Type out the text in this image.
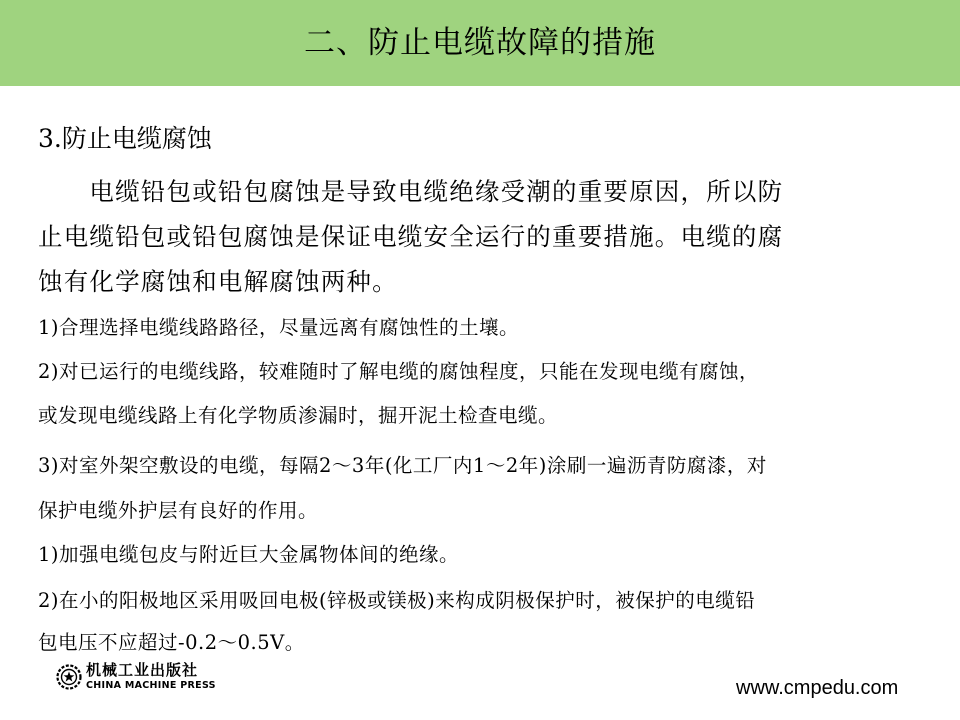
二、防止电缆故障的措施
3.防止电缆腐蚀
　　电缆铅包或铅包腐蚀是导致电缆绝缘受潮的重要原因，所以防
止电缆铅包或铅包腐蚀是保证电缆安全运行的重要措施。电缆的腐
蚀有化学腐蚀和电解腐蚀两种。
1)合理选择电缆线路路径，尽量远离有腐蚀性的土壤。
2)对已运行的电缆线路，较难随时了解电缆的腐蚀程度，只能在发现电缆有腐蚀，
或发现电缆线路上有化学物质渗漏时，掘开泥土检查电缆。
3)对室外架空敷设的电缆，每隔2～3年(化工厂内1～2年)涂刷一遍沥青防腐漆，对
保护电缆外护层有良好的作用。
1)加强电缆包皮与附近巨大金属物体间的绝缘。
2)在小的阳极地区采用吸回电极(锌极或镁极)来构成阴极保护时，被保护的电缆铅
包电压不应超过-0.2～0.5V。
机械工业出版社
CHINA MACHINE PRESS	www.cmpedu.com
